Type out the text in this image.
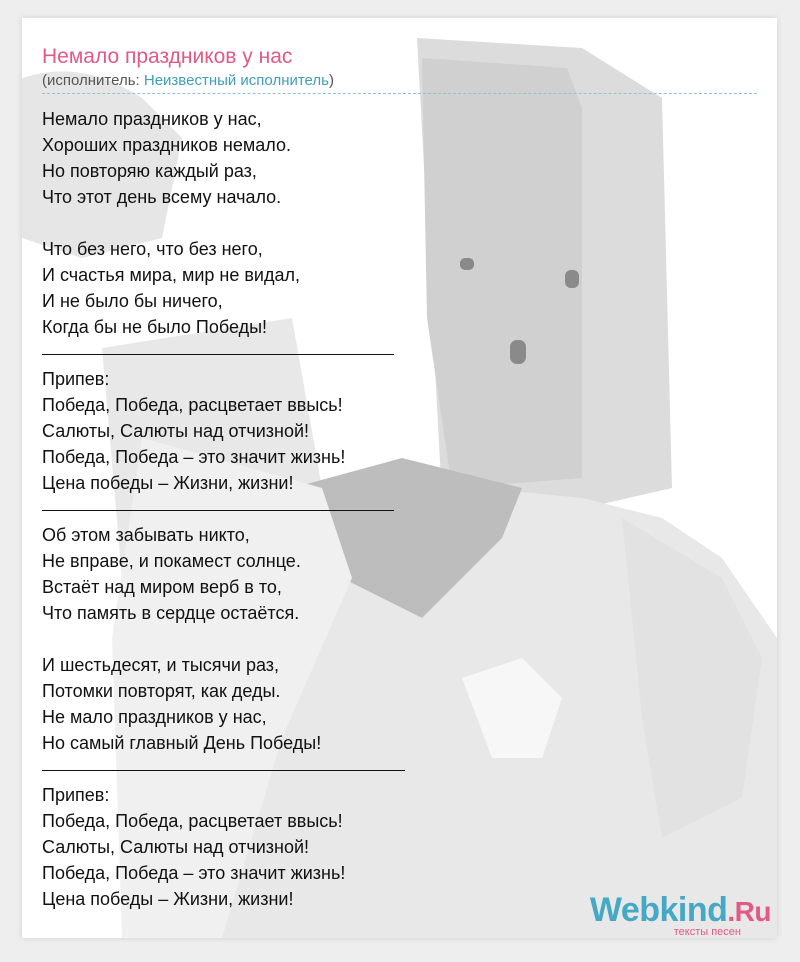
Немало праздников у нас
(исполнитель: Неизвестный исполнитель)
Немало праздников у нас,
Хороших праздников немало.
Но повторяю каждый раз,
Что этот день всему начало.
Что без него, что без него,
И счастья мира, мир не видал,
И не было бы ничего,
Когда бы не было Победы!
Припев:
Победа, Победа, расцветает ввысь!
Салюты, Салюты над отчизной!
Победа, Победа – это значит жизнь!
Цена победы – Жизни, жизни!
Об этом забывать никто,
Не вправе, и покамест солнце.
Встаёт над миром верб в то,
Что память в сердце остаётся.
И шестьдесят, и тысячи раз,
Потомки повторят, как деды.
Не мало праздников у нас,
Но самый главный День Победы!
Припев:
Победа, Победа, расцветает ввысь!
Салюты, Салюты над отчизной!
Победа, Победа – это значит жизнь!
Цена победы – Жизни, жизни!	Webkind.Ru
тексты песен
